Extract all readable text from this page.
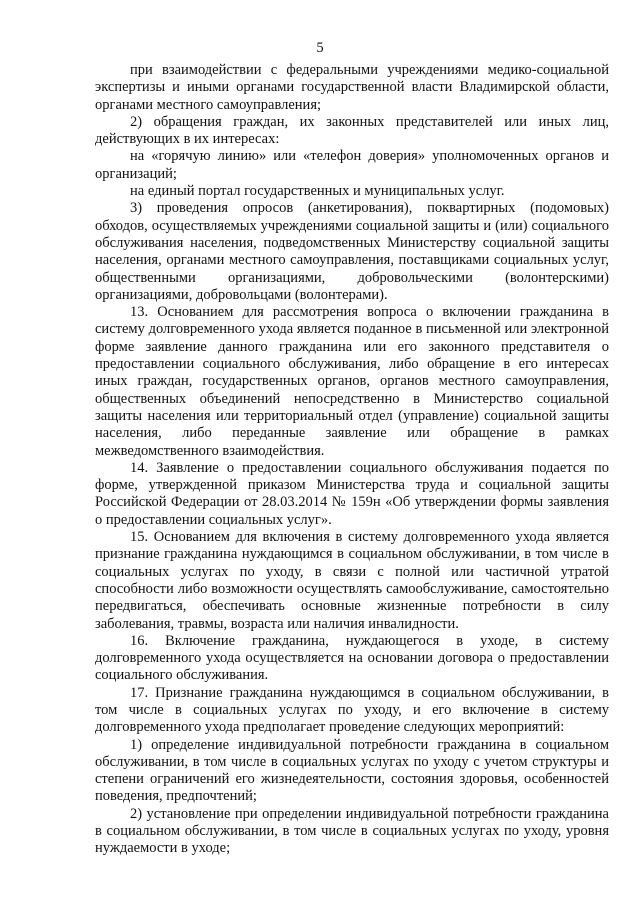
5

при взаимодействии с федеральными учреждениями медико-социальной экспертизы и иными органами государственной власти Владимирской области, органами местного самоуправления;

2) обращения граждан, их законных представителей или иных лиц, действующих в их интересах:

на «горячую линию» или «телефон доверия» уполномоченных органов и организаций;

на единый портал государственных и муниципальных услуг.

3) проведения опросов (анкетирования), поквартирных (подомовых) обходов, осуществляемых учреждениями социальной защиты и (или) социального обслуживания населения, подведомственных Министерству социальной защиты населения, органами местного самоуправления, поставщиками социальных услуг, общественными организациями, добровольческими (волонтерскими) организациями, добровольцами (волонтерами).

13. Основанием для рассмотрения вопроса о включении гражданина в систему долговременного ухода является поданное в письменной или электронной форме заявление данного гражданина или его законного представителя о предоставлении социального обслуживания, либо обращение в его интересах иных граждан, государственных органов, органов местного самоуправления, общественных объединений непосредственно в Министерство социальной защиты населения или территориальный отдел (управление) социальной защиты населения, либо переданные заявление или обращение в рамках межведомственного взаимодействия.

14. Заявление о предоставлении социального обслуживания подается по форме, утвержденной приказом Министерства труда и социальной защиты Российской Федерации от 28.03.2014 № 159н «Об утверждении формы заявления о предоставлении социальных услуг».

15. Основанием для включения в систему долговременного ухода является признание гражданина нуждающимся в социальном обслуживании, в том числе в социальных услугах по уходу, в связи с полной или частичной утратой способности либо возможности осуществлять самообслуживание, самостоятельно передвигаться, обеспечивать основные жизненные потребности в силу заболевания, травмы, возраста или наличия инвалидности.

16. Включение гражданина, нуждающегося в уходе, в систему долговременного ухода осуществляется на основании договора о предоставлении социального обслуживания.

17. Признание гражданина нуждающимся в социальном обслуживании, в том числе в социальных услугах по уходу, и его включение в систему долговременного ухода предполагает проведение следующих мероприятий:

1) определение индивидуальной потребности гражданина в социальном обслуживании, в том числе в социальных услугах по уходу с учетом структуры и степени ограничений его жизнедеятельности, состояния здоровья, особенностей поведения, предпочтений;

2) установление при определении индивидуальной потребности гражданина в социальном обслуживании, в том числе в социальных услугах по уходу, уровня нуждаемости в уходе;
